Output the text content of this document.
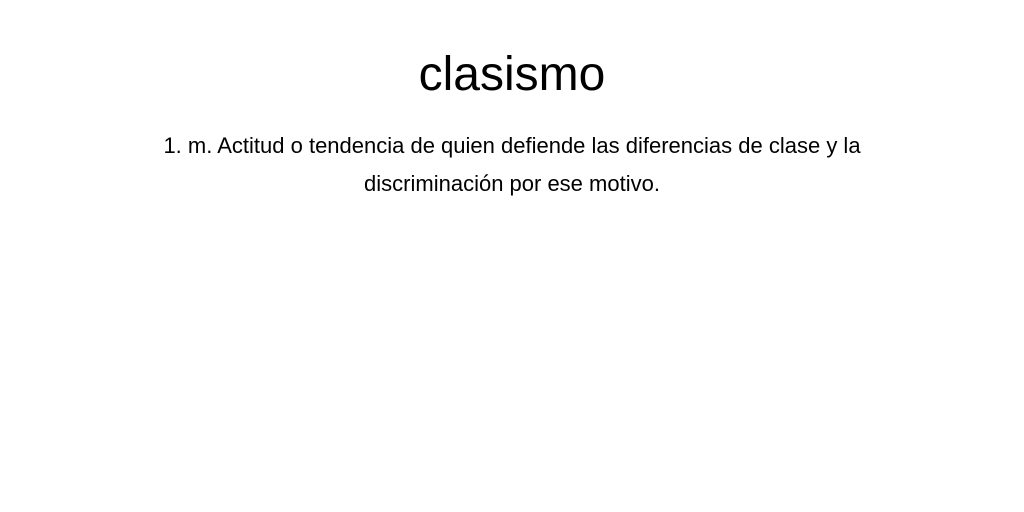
clasismo

1. m. Actitud o tendencia de quien defiende las diferencias de clase y la discriminación por ese motivo.
